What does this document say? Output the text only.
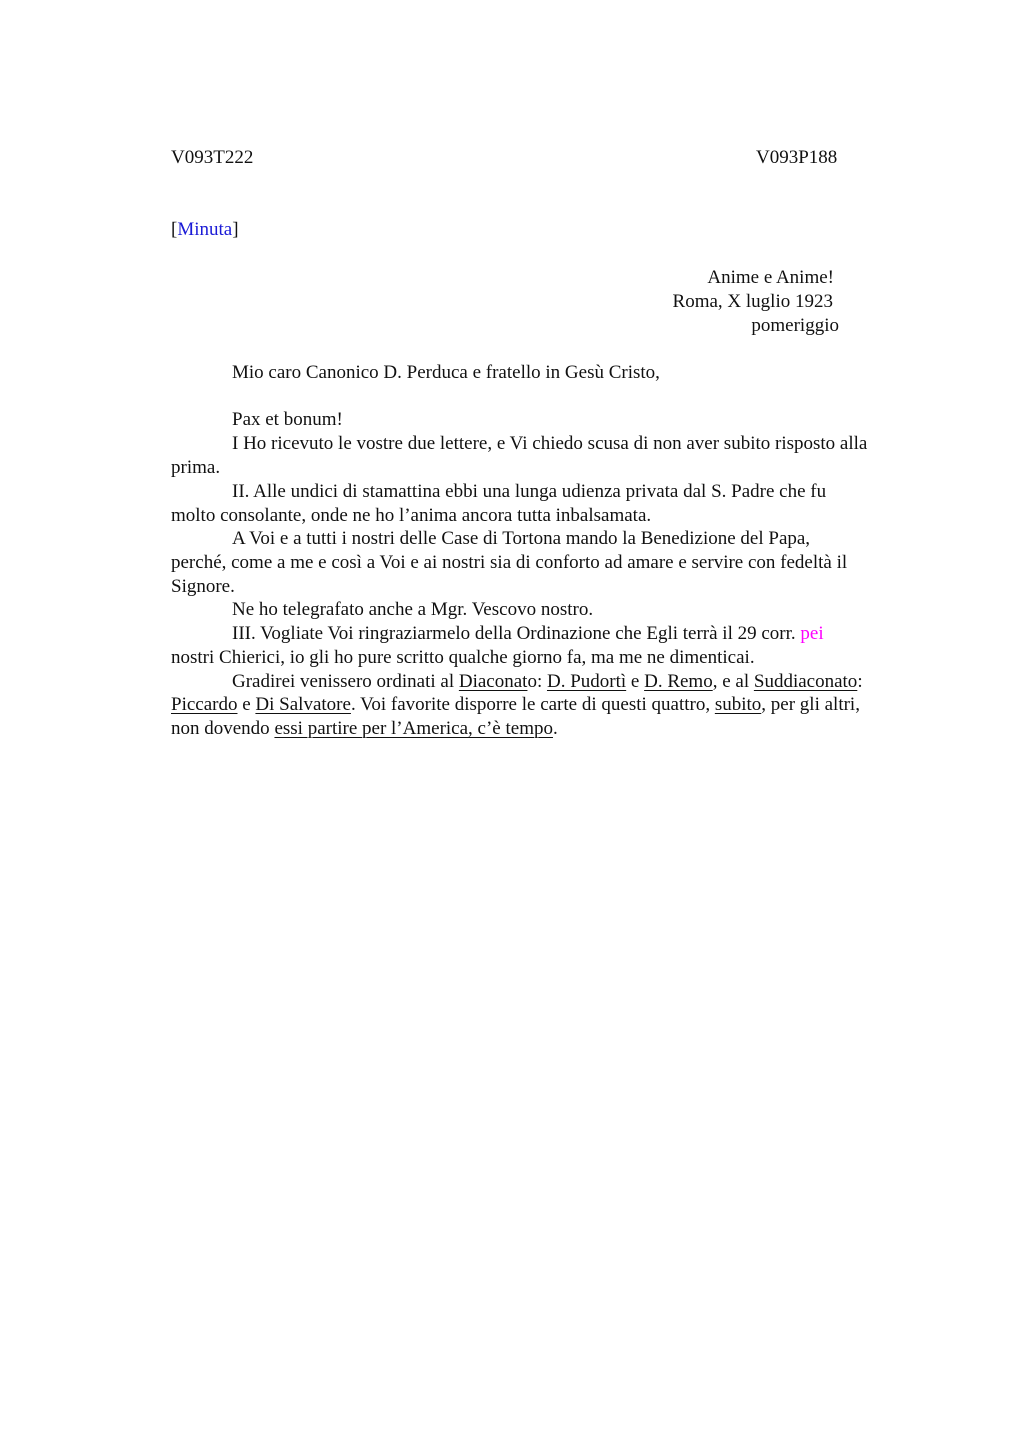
V093T222	V093P188
[Minuta]
Anime e Anime!
Roma, X luglio 1923
pomeriggio
Mio caro Canonico D. Perduca e fratello in Gesù Cristo,
Pax et bonum!
I Ho ricevuto le vostre due lettere, e Vi chiedo scusa di non aver subito risposto alla
prima.
II. Alle undici di stamattina ebbi una lunga udienza privata dal S. Padre che fu
molto consolante, onde ne ho l’anima ancora tutta inbalsamata.
A Voi e a tutti i nostri delle Case di Tortona mando la Benedizione del Papa,
perché, come a me e così a Voi e ai nostri sia di conforto ad amare e servire con fedeltà il
Signore.
Ne ho telegrafato anche a Mgr. Vescovo nostro.
III. Vogliate Voi ringraziarmelo della Ordinazione che Egli terrà il 29 corr. pei
nostri Chierici, io gli ho pure scritto qualche giorno fa, ma me ne dimenticai.
Gradirei venissero ordinati al Diaconato: D. Pudortì e D. Remo, e al Suddiaconato:
Piccardo e Di Salvatore. Voi favorite disporre le carte di questi quattro, subito, per gli altri,
non dovendo essi partire per l’America, c’è tempo.
